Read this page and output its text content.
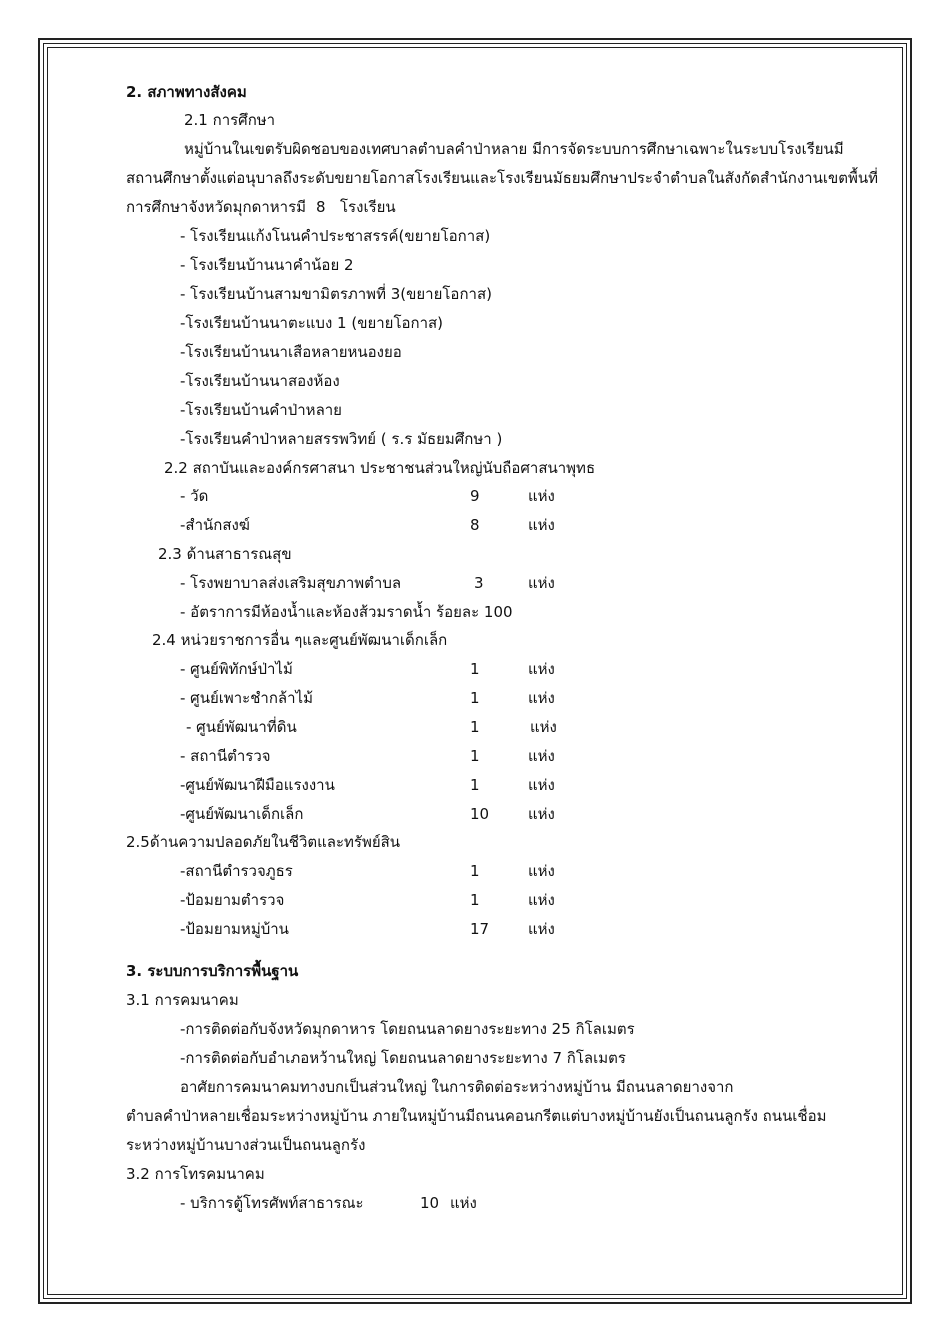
2. สภาพทางสังคม
2.1 การศึกษา
หมู่บ้านในเขตรับผิดชอบของเทศบาลตำบลคำป่าหลาย มีการจัดระบบการศึกษาเฉพาะในระบบโรงเรียนมี
สถานศึกษาตั้งแต่อนุบาลถึงระดับขยายโอกาสโรงเรียนและโรงเรียนมัธยมศึกษาประจำตำบลในสังกัดสำนักงานเขตพื้นที่
การศึกษาจังหวัดมุกดาหารมี 8 โรงเรียน
- โรงเรียนแก้งโนนคำประชาสรรค์(ขยายโอกาส)
- โรงเรียนบ้านนาคำน้อย 2
- โรงเรียนบ้านสามขามิตรภาพที่ 3(ขยายโอกาส)
-โรงเรียนบ้านนาตะแบง 1 (ขยายโอกาส)
-โรงเรียนบ้านนาเสือหลายหนองยอ
-โรงเรียนบ้านนาสองห้อง
-โรงเรียนบ้านคำป่าหลาย
-โรงเรียนคำป่าหลายสรรพวิทย์ ( ร.ร มัธยมศึกษา )
2.2 สถาบันและองค์กรศาสนา ประชาชนส่วนใหญ่นับถือศาสนาพุทธ
- วัด	9	แห่ง
-สำนักสงฆ์	8	แห่ง
2.3 ด้านสาธารณสุข
- โรงพยาบาลส่งเสริมสุขภาพตำบล	3	แห่ง
- อัตราการมีห้องน้ำและห้องส้วมราดน้ำ ร้อยละ 100
2.4 หน่วยราชการอื่น ๆและศูนย์พัฒนาเด็กเล็ก
- ศูนย์พิทักษ์ป่าไม้	1	แห่ง
- ศูนย์เพาะชำกล้าไม้	1	แห่ง
- ศูนย์พัฒนาที่ดิน	1	แห่ง
- สถานีตำรวจ	1	แห่ง
-ศูนย์พัฒนาฝีมือแรงงาน	1	แห่ง
-ศูนย์พัฒนาเด็กเล็ก	10	แห่ง
2.5ด้านความปลอดภัยในชีวิตและทรัพย์สิน
-สถานีตำรวจภูธร	1	แห่ง
-ป้อมยามตำรวจ	1	แห่ง
-ป้อมยามหมู่บ้าน	17	แห่ง
3. ระบบการบริการพื้นฐาน
3.1 การคมนาคม
-การติดต่อกับจังหวัดมุกดาหาร โดยถนนลาดยางระยะทาง 25 กิโลเมตร
-การติดต่อกับอำเภอหว้านใหญ่ โดยถนนลาดยางระยะทาง 7 กิโลเมตร
อาศัยการคมนาคมทางบกเป็นส่วนใหญ่ ในการติดต่อระหว่างหมู่บ้าน มีถนนลาดยางจาก
ตำบลคำป่าหลายเชื่อมระหว่างหมู่บ้าน ภายในหมู่บ้านมีถนนคอนกรีตแต่บางหมู่บ้านยังเป็นถนนลูกรัง ถนนเชื่อม
ระหว่างหมู่บ้านบางส่วนเป็นถนนลูกรัง
3.2 การโทรคมนาคม
- บริการตู้โทรศัพท์สาธารณะ	10 แห่ง
